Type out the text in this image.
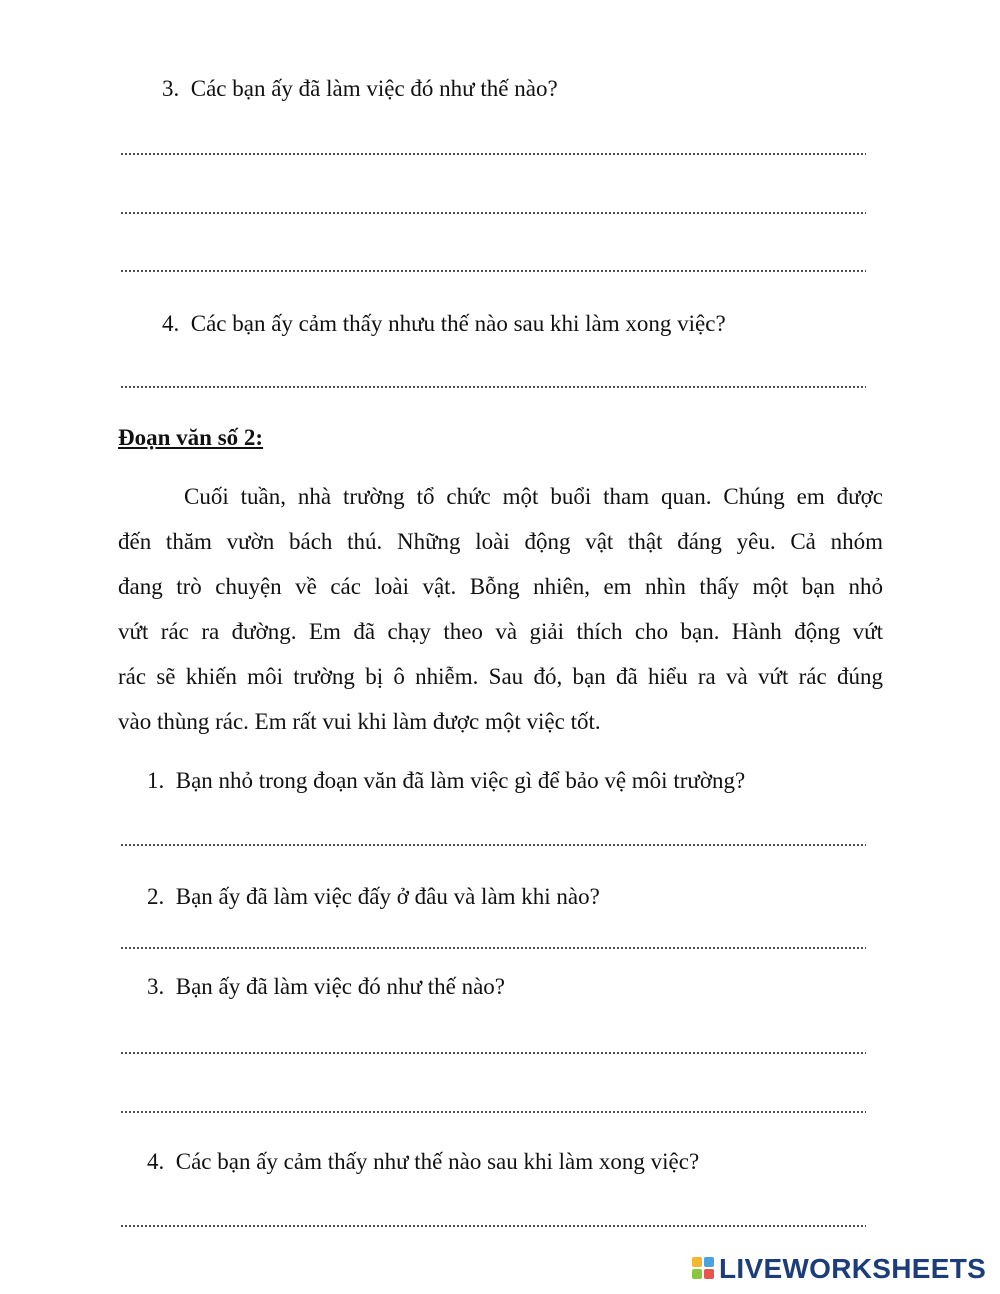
3. Các bạn ấy đã làm việc đó như thế nào?
4. Các bạn ấy cảm thấy nhưu thế nào sau khi làm xong việc?
Đoạn văn số 2:
Cuối tuần, nhà trường tổ chức một buổi tham quan. Chúng em được
đến thăm vườn bách thú. Những loài động vật thật đáng yêu. Cả nhóm
đang trò chuyện về các loài vật. Bỗng nhiên, em nhìn thấy một bạn nhỏ
vứt rác ra đường. Em đã chạy theo và giải thích cho bạn. Hành động vứt
rác sẽ khiến môi trường bị ô nhiễm. Sau đó, bạn đã hiểu ra và vứt rác đúng
vào thùng rác. Em rất vui khi làm được một việc tốt.
1. Bạn nhỏ trong đoạn văn đã làm việc gì để bảo vệ môi trường?
2. Bạn ấy đã làm việc đấy ở đâu và làm khi nào?
3. Bạn ấy đã làm việc đó như thế nào?
4. Các bạn ấy cảm thấy như thế nào sau khi làm xong việc?
LIVEWORKSHEETS
